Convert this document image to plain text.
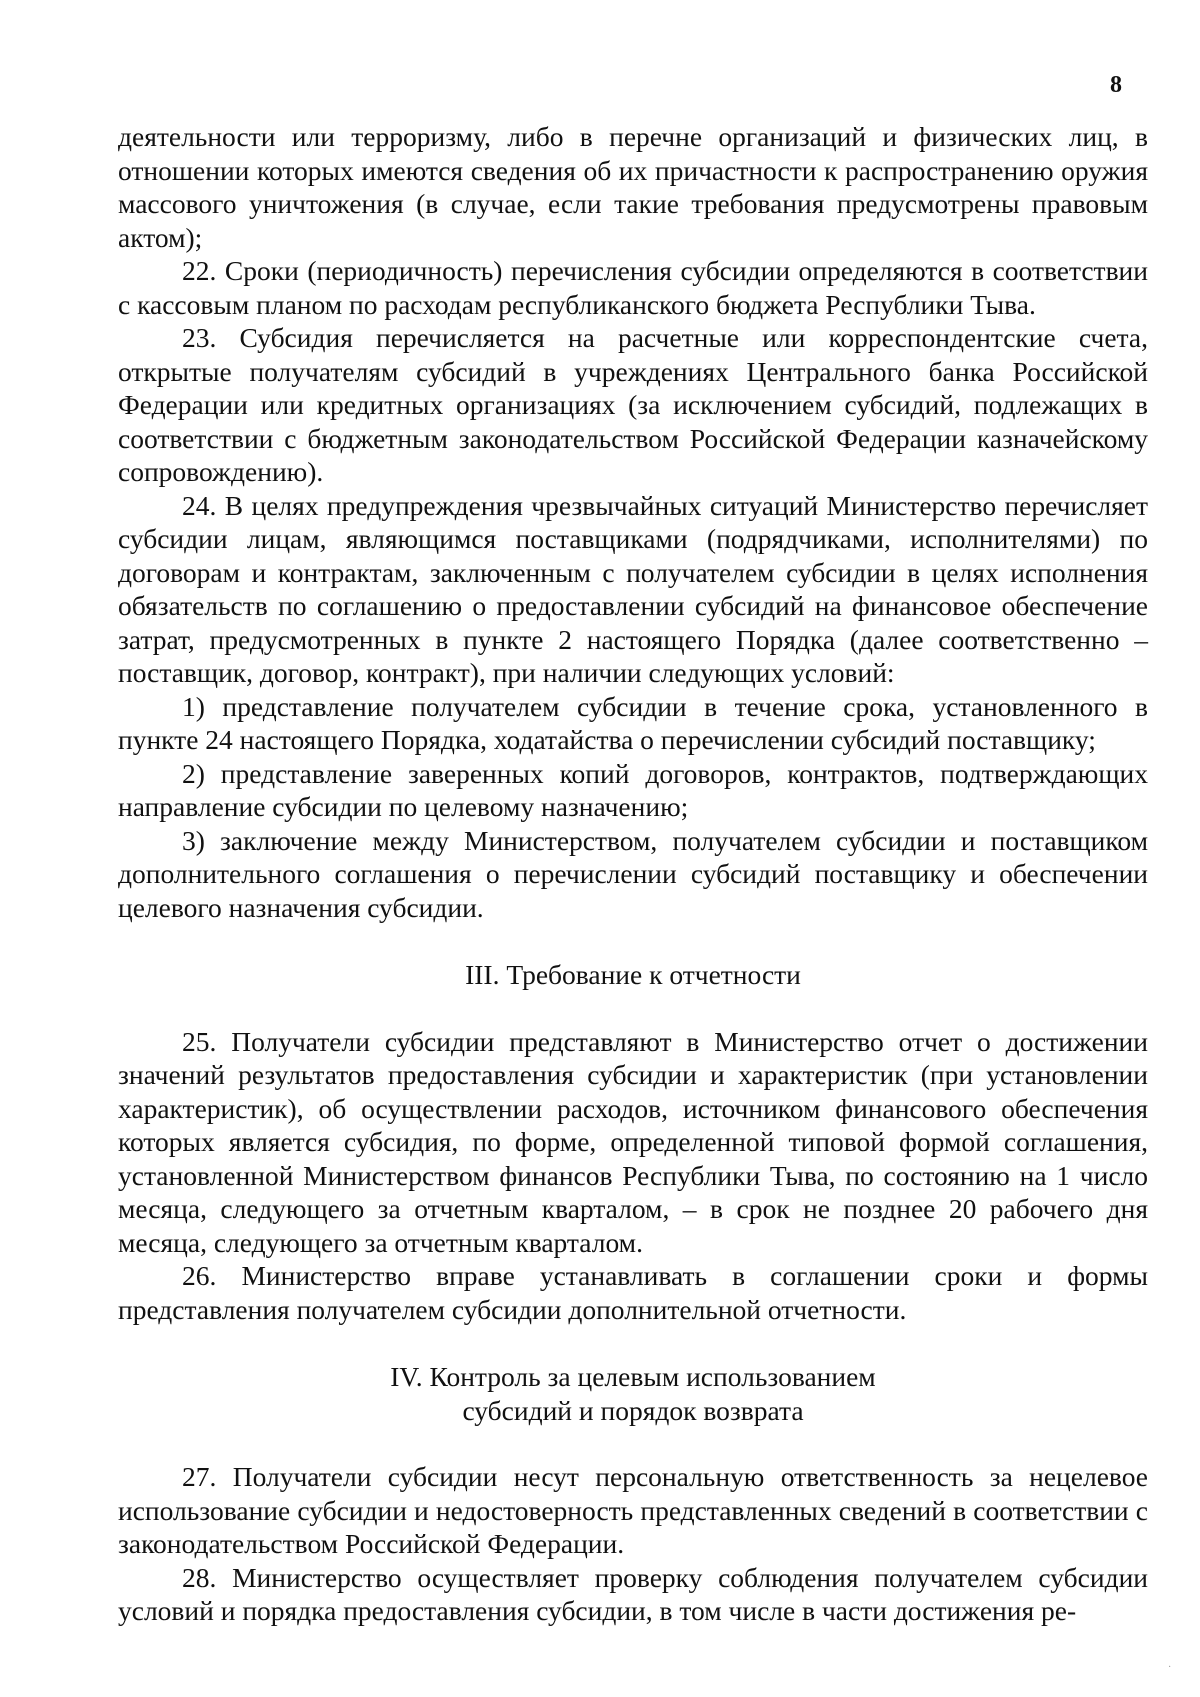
8

деятельности или терроризму, либо в перечне организаций и физических лиц, в отношении которых имеются сведения об их причастности к распространению оружия массового уничтожения (в случае, если такие требования предусмотрены правовым актом);

22. Сроки (периодичность) перечисления субсидии определяются в соответствии с кассовым планом по расходам республиканского бюджета Республики Тыва.

23. Субсидия перечисляется на расчетные или корреспондентские счета, открытые получателям субсидий в учреждениях Центрального банка Российской Федерации или кредитных организациях (за исключением субсидий, подлежащих в соответствии с бюджетным законодательством Российской Федерации казначейскому сопровождению).

24. В целях предупреждения чрезвычайных ситуаций Министерство перечисляет субсидии лицам, являющимся поставщиками (подрядчиками, исполнителями) по договорам и контрактам, заключенным с получателем субсидии в целях исполнения обязательств по соглашению о предоставлении субсидий на финансовое обеспечение затрат, предусмотренных в пункте 2 настоящего Порядка (далее соответственно – поставщик, договор, контракт), при наличии следующих условий:

1) представление получателем субсидии в течение срока, установленного в пункте 24 настоящего Порядка, ходатайства о перечислении субсидий поставщику;

2) представление заверенных копий договоров, контрактов, подтверждающих направление субсидии по целевому назначению;

3) заключение между Министерством, получателем субсидии и поставщиком дополнительного соглашения о перечислении субсидий поставщику и обеспечении целевого назначения субсидии.

III. Требование к отчетности

25. Получатели субсидии представляют в Министерство отчет о достижении значений результатов предоставления субсидии и характеристик (при установлении характеристик), об осуществлении расходов, источником финансового обеспечения которых является субсидия, по форме, определенной типовой формой соглашения, установленной Министерством финансов Республики Тыва, по состоянию на 1 число месяца, следующего за отчетным кварталом, – в срок не позднее 20 рабочего дня месяца, следующего за отчетным кварталом.

26. Министерство вправе устанавливать в соглашении сроки и формы представления получателем субсидии дополнительной отчетности.

IV. Контроль за целевым использованием

субсидий и порядок возврата

27. Получатели субсидии несут персональную ответственность за нецелевое использование субсидии и недостоверность представленных сведений в соответствии с законодательством Российской Федерации.

28. Министерство осуществляет проверку соблюдения получателем субсидии условий и порядка предоставления субсидии, в том числе в части достижения ре-

·
